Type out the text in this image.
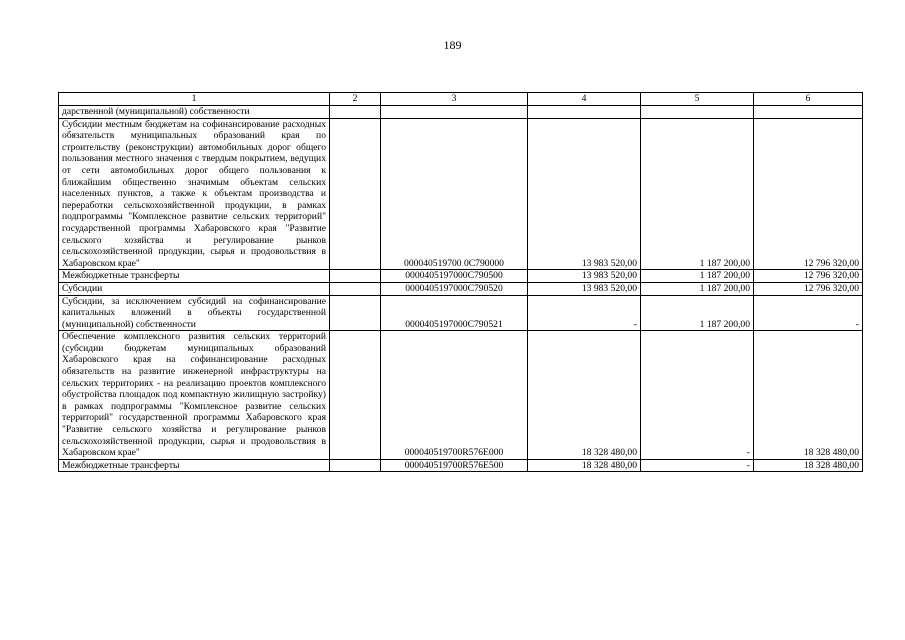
189
1	2	3	4	5	6
дарственной (муниципальной) собственности					
Субсидии местным бюджетам на софинансирование расходных обязательств муниципальных образований края по строительству (реконструкции) автомобильных дорог общего пользования местного значения с твердым покрытием, ведущих от сети автомобильных дорог общего пользования к ближайшим общественно значимым объектам сельских населенных пунктов, а также к объектам производства и переработки сельскохозяйственной продукции, в рамках подпрограммы "Комплексное развитие сельских территорий" государственной программы Хабаровского края "Развитие сельского хозяйства и регулирование рынков сельскохозяйственной продукции, сырья и продовольствия в Хабаровском крае"		000040519700 0C790000	13 983 520,00	1 187 200,00	12 796 320,00
Межбюджетные трансферты		0000405197000C790500	13 983 520,00	1 187 200,00	12 796 320,00
Субсидии		0000405197000C790520	13 983 520,00	1 187 200,00	12 796 320,00
Субсидии, за исключением субсидий на софинансирование капитальных вложений в объекты государственной (муниципальной) собственности		0000405197000C790521	-	1 187 200,00	-
Обеспечение комплексного развития сельских территорий (субсидии бюджетам муниципальных образований Хабаровского края на софинансирование расходных обязательств на развитие инженерной инфраструктуры на сельских территориях - на реализацию проектов комплексного обустройства площадок под компактную жилищную застройку) в рамках подпрограммы "Комплексное развитие сельских территорий" государственной программы Хабаровского края "Развитие сельского хозяйства и регулирование рынков сельскохозяйственной продукции, сырья и продовольствия в Хабаровском крае"		000040519700R576E000	18 328 480,00	-	18 328 480,00
Межбюджетные трансферты		000040519700R576E500	18 328 480,00	-	18 328 480,00
